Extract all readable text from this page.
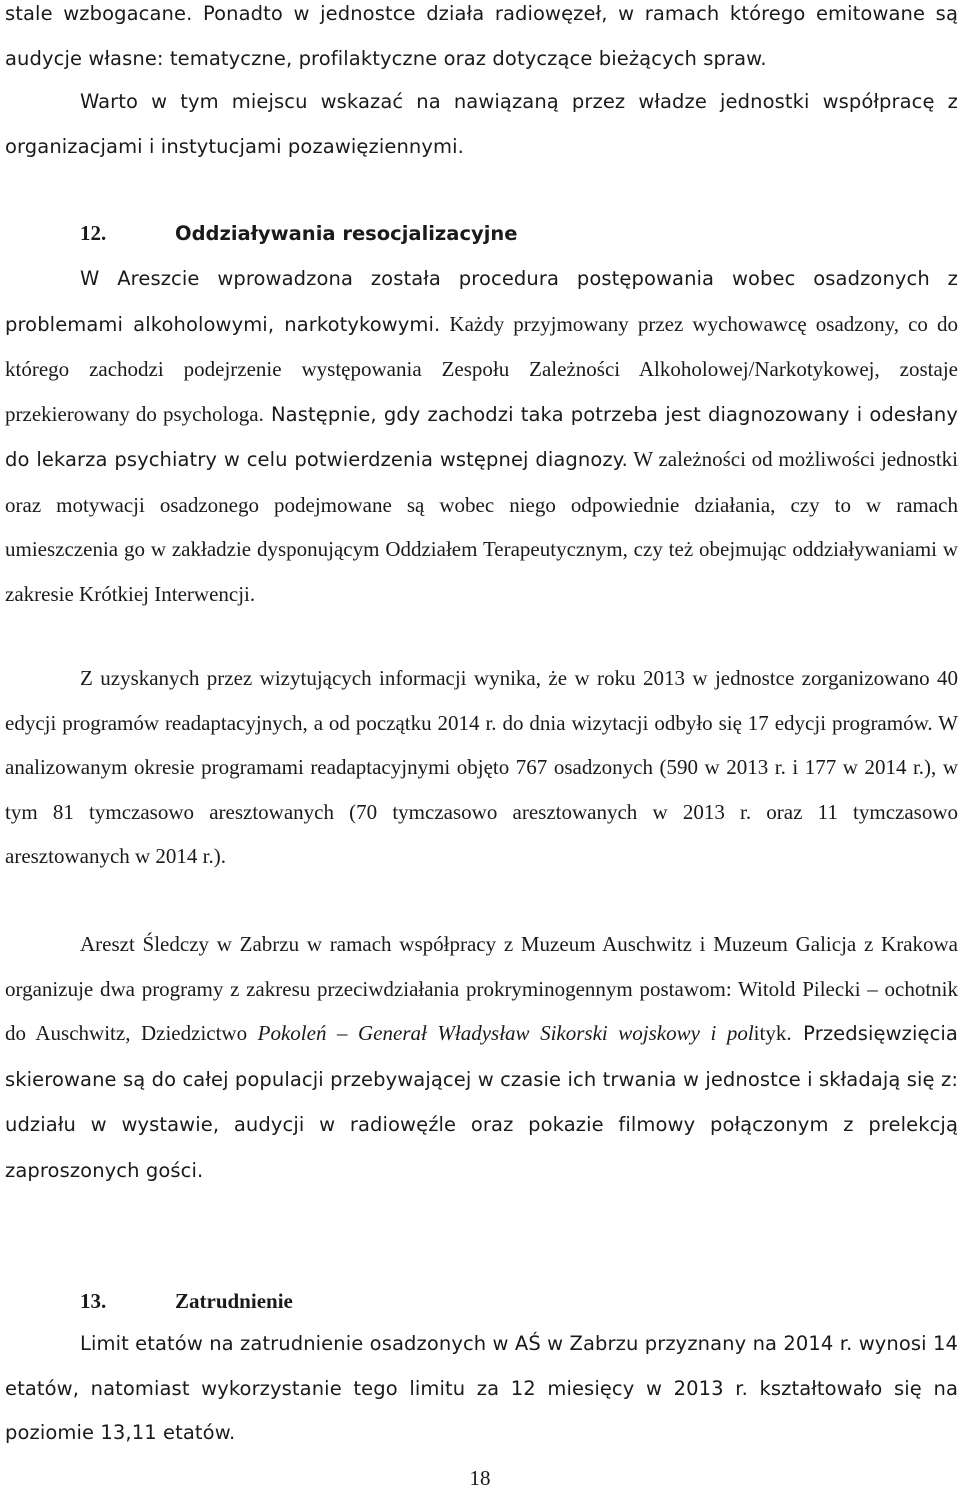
stale wzbogacane. Ponadto w jednostce działa radiowęzeł, w ramach którego emitowane są audycje własne: tematyczne, profilaktyczne oraz dotyczące bieżących spraw.

Warto w tym miejscu wskazać na nawiązaną przez władze jednostki współpracę z organizacjami i instytucjami pozawięziennymi.

12.	Oddziaływania resocjalizacyjne

W Areszcie wprowadzona została procedura postępowania wobec osadzonych z problemami alkoholowymi, narkotykowymi. Każdy przyjmowany przez wychowawcę osadzony, co do którego zachodzi podejrzenie występowania Zespołu Zależności Alkoholowej/Narkotykowej, zostaje przekierowany do psychologa. Następnie, gdy zachodzi taka potrzeba jest diagnozowany i odesłany do lekarza psychiatry w celu potwierdzenia wstępnej diagnozy. W zależności od możliwości jednostki oraz motywacji osadzonego podejmowane są wobec niego odpowiednie działania, czy to w ramach umieszczenia go w zakładzie dysponującym Oddziałem Terapeutycznym, czy też obejmując oddziaływaniami w zakresie Krótkiej Interwencji.

Z uzyskanych przez wizytujących informacji wynika, że w roku 2013 w jednostce zorganizowano 40 edycji programów readaptacyjnych, a od początku 2014 r. do dnia wizytacji odbyło się 17 edycji programów. W analizowanym okresie programami readaptacyjnymi objęto 767 osadzonych (590 w 2013 r. i 177 w 2014 r.), w tym 81 tymczasowo aresztowanych (70 tymczasowo aresztowanych w 2013 r. oraz 11 tymczasowo aresztowanych w 2014 r.).

Areszt Śledczy w Zabrzu w ramach współpracy z Muzeum Auschwitz i Muzeum Galicja z Krakowa organizuje dwa programy z zakresu przeciwdziałania prokryminogennym postawom: Witold Pilecki – ochotnik do Auschwitz, Dziedzictwo Pokoleń – Generał Władysław Sikorski wojskowy i polityk. Przedsięwzięcia skierowane są do całej populacji przebywającej w czasie ich trwania w jednostce i składają się z: udziału w wystawie, audycji w radiowęźle oraz pokazie filmowy połączonym z prelekcją zaproszonych gości.

13.	Zatrudnienie

Limit etatów na zatrudnienie osadzonych w AŚ w Zabrzu przyznany na 2014 r. wynosi 14 etatów, natomiast wykorzystanie tego limitu za 12 miesięcy w 2013 r. kształtowało się na poziomie 13,11 etatów.

18
